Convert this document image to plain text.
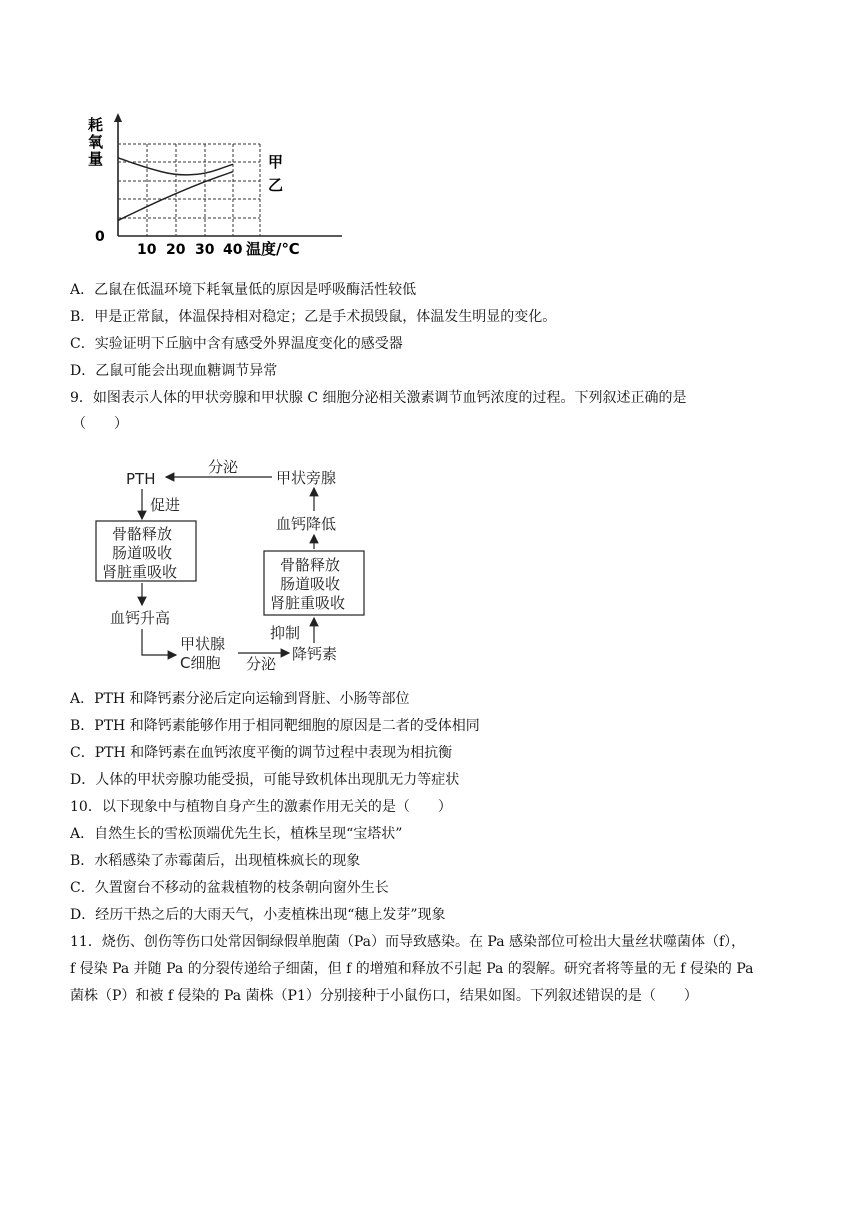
耗
氧
量
0
10 20 30 40 温度/℃
甲
乙
A．乙鼠在低温环境下耗氧量低的原因是呼吸酶活性较低
B．甲是正常鼠，体温保持相对稳定；乙是手术损毁鼠，体温发生明显的变化。
C．实验证明下丘脑中含有感受外界温度变化的感受器
D．乙鼠可能会出现血糖调节异常
9．如图表示人体的甲状旁腺和甲状腺 C 细胞分泌相关激素调节血钙浓度的过程。下列叙述正确的是
（　　）
PTH
分泌
甲状旁腺
促进
骨骼释放
肠道吸收
肾脏重吸收
血钙降低
骨骼释放
肠道吸收
肾脏重吸收
血钙升高
抑制
甲状腺
C细胞 分泌
降钙素
A．PTH 和降钙素分泌后定向运输到肾脏、小肠等部位
B．PTH 和降钙素能够作用于相同靶细胞的原因是二者的受体相同
C．PTH 和降钙素在血钙浓度平衡的调节过程中表现为相抗衡
D．人体的甲状旁腺功能受损，可能导致机体出现肌无力等症状
10．以下现象中与植物自身产生的激素作用无关的是（　　）
A．自然生长的雪松顶端优先生长，植株呈现“宝塔状”
B．水稻感染了赤霉菌后，出现植株疯长的现象
C．久置窗台不移动的盆栽植物的枝条朝向窗外生长
D．经历干热之后的大雨天气，小麦植株出现“穗上发芽”现象
11．烧伤、创伤等伤口处常因铜绿假单胞菌（Pa）而导致感染。在 Pa 感染部位可检出大量丝状噬菌体（f），
f 侵染 Pa 并随 Pa 的分裂传递给子细菌，但 f 的增殖和释放不引起 Pa 的裂解。研究者将等量的无 f 侵染的 Pa
菌株（P）和被 f 侵染的 Pa 菌株（P1）分别接种于小鼠伤口，结果如图。下列叙述错误的是（　　）
